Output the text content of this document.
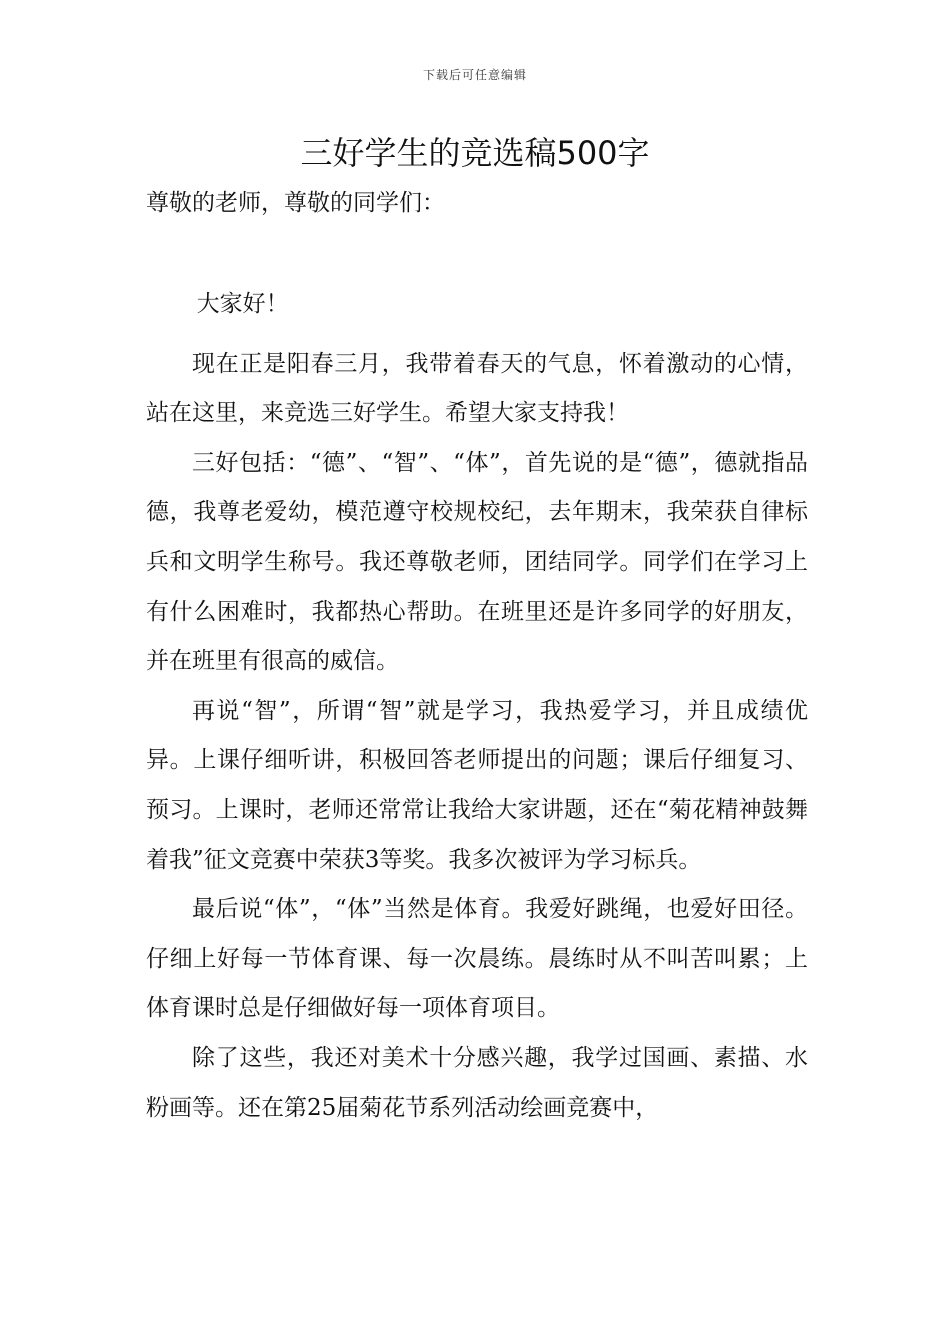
下载后可任意编辑
三好学生的竞选稿500字
尊敬的老师，尊敬的同学们：

大家好！

现在正是阳春三月，我带着春天的气息，怀着激动的心情，站在这里，来竞选三好学生。希望大家支持我！

三好包括：“德”、“智”、“体”，首先说的是“德”，德就指品德，我尊老爱幼，模范遵守校规校纪，去年期末，我荣获自律标兵和文明学生称号。我还尊敬老师，团结同学。同学们在学习上有什么困难时，我都热心帮助。在班里还是许多同学的好朋友，并在班里有很高的威信。

再说“智”，所谓“智”就是学习，我热爱学习，并且成绩优异。上课仔细听讲，积极回答老师提出的问题；课后仔细复习、预习。上课时，老师还常常让我给大家讲题，还在“菊花精神鼓舞着我”征文竞赛中荣获3等奖。我多次被评为学习标兵。

最后说“体”，“体”当然是体育。我爱好跳绳，也爱好田径。仔细上好每一节体育课、每一次晨练。晨练时从不叫苦叫累；上体育课时总是仔细做好每一项体育项目。

除了这些，我还对美术十分感兴趣，我学过国画、素描、水粉画等。还在第25届菊花节系列活动绘画竞赛中，
